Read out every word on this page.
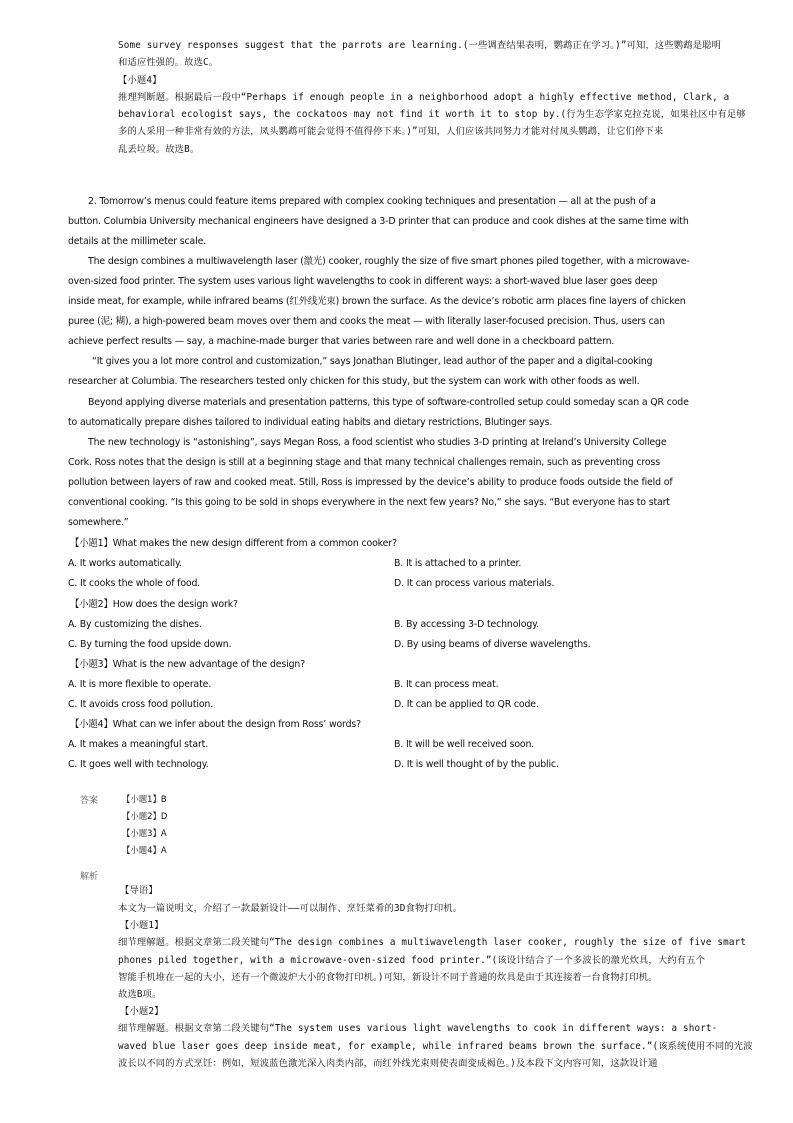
Some survey responses suggest that the parrots are learning.(一些调查结果表明，鹦鹉正在学习。)”可知，这些鹦鹉是聪明
和适应性强的。故选C。
【小题4】
推理判断题。根据最后一段中“Perhaps if enough people in a neighborhood adopt a highly effective method, Clark, a
behavioral ecologist says, the cockatoos may not find it worth it to stop by.(行为生态学家克拉克说，如果社区中有足够
多的人采用一种非常有效的方法，凤头鹦鹉可能会觉得不值得停下来。)”可知，人们应该共同努力才能对付凤头鹦鹉，让它们停下来
乱丢垃圾。故选B。
2. Tomorrow’s menus could feature items prepared with complex cooking techniques and presentation — all at the push of a
button. Columbia University mechanical engineers have designed a 3-D printer that can produce and cook dishes at the same time with
details at the millimeter scale.
The design combines a multiwavelength laser (激光) cooker, roughly the size of five smart phones piled together, with a microwave-
oven-sized food printer. The system uses various light wavelengths to cook in different ways: a short-waved blue laser goes deep
inside meat, for example, while infrared beams (红外线光束) brown the surface. As the device’s robotic arm places fine layers of chicken
puree (泥; 糊), a high-powered beam moves over them and cooks the meat — with literally laser-focused precision. Thus, users can
achieve perfect results — say, a machine-made burger that varies between rare and well done in a checkboard pattern.
“It gives you a lot more control and customization,” says Jonathan Blutinger, lead author of the paper and a digital-cooking
researcher at Columbia. The researchers tested only chicken for this study, but the system can work with other foods as well.
Beyond applying diverse materials and presentation patterns, this type of software-controlled setup could someday scan a QR code
to automatically prepare dishes tailored to individual eating habits and dietary restrictions, Blutinger says.
The new technology is “astonishing”, says Megan Ross, a food scientist who studies 3-D printing at Ireland’s University College
Cork. Ross notes that the design is still at a beginning stage and that many technical challenges remain, such as preventing cross
pollution between layers of raw and cooked meat. Still, Ross is impressed by the device’s ability to produce foods outside the field of
conventional cooking. “Is this going to be sold in shops everywhere in the next few years? No,” she says. “But everyone has to start
somewhere.”
【小题1】What makes the new design different from a common cooker?
A. It works automatically.	B. It is attached to a printer.
C. It cooks the whole of food.	D. It can process various materials.
【小题2】How does the design work?
A. By customizing the dishes.	B. By accessing 3-D technology.
C. By turning the food upside down.	D. By using beams of diverse wavelengths.
【小题3】What is the new advantage of the design?
A. It is more flexible to operate.	B. It can process meat.
C. It avoids cross food pollution.	D. It can be applied to QR code.
【小题4】What can we infer about the design from Ross’ words?
A. It makes a meaningful start.	B. It will be well received soon.
C. It goes well with technology.	D. It is well thought of by the public.
答案	【小题1】B
【小题2】D
【小题3】A
【小题4】A
解析
【导语】
本文为一篇说明文，介绍了一款最新设计——可以制作、烹饪菜肴的3D食物打印机。
【小题1】
细节理解题。根据文章第二段关键句“The design combines a multiwavelength laser cooker, roughly the size of five smart
phones piled together, with a microwave-oven-sized food printer.”(该设计结合了一个多波长的激光炊具，大约有五个
智能手机堆在一起的大小，还有一个微波炉大小的食物打印机。)可知，新设计不同于普通的炊具是由于其连接着一台食物打印机。
故选B项。
【小题2】
细节理解题。根据文章第二段关键句“The system uses various light wavelengths to cook in different ways: a short-
waved blue laser goes deep inside meat, for example, while infrared beams brown the surface.”(该系统使用不同的光波
波长以不同的方式烹饪：例如，短波蓝色激光深入肉类内部，而红外线光束则使表面变成褐色。)及本段下文内容可知，这款设计通
